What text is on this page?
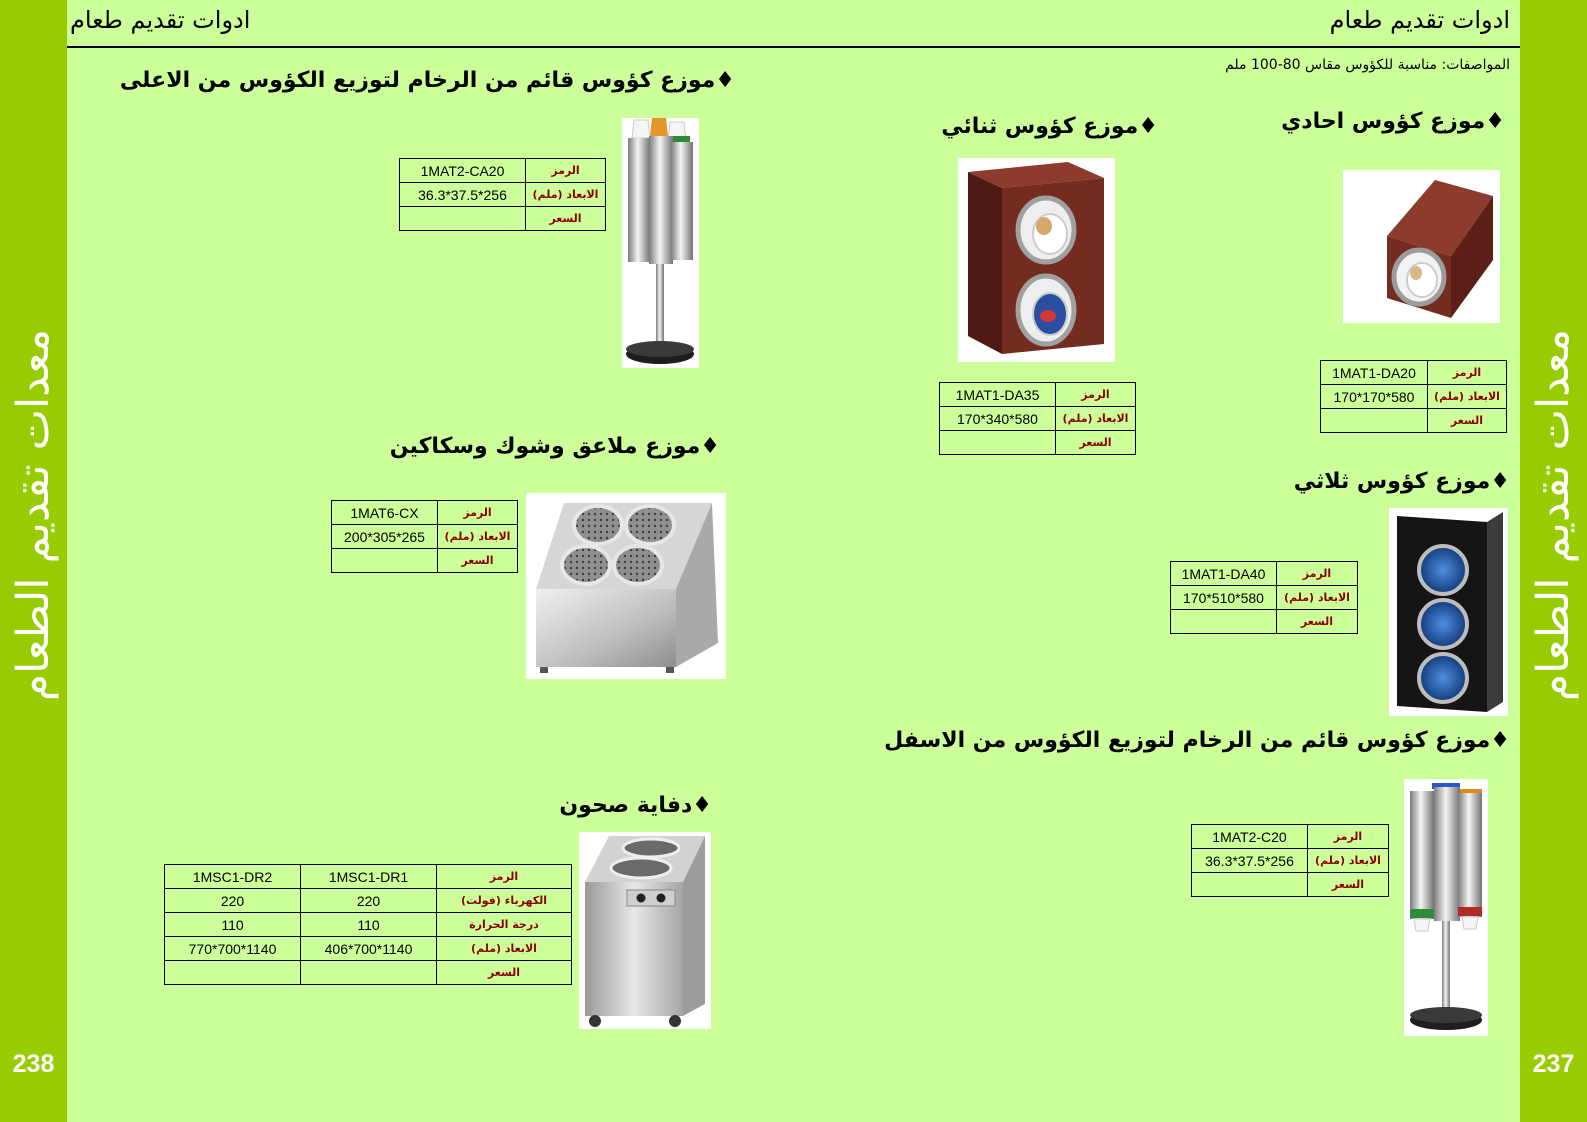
معدات تقديم الطعام
238
معدات تقديم الطعام
237
ادوات تقديم طعام	ادوات تقديم طعام
المواصفات: مناسبة للكؤوس مقاس 80-100 ملم
♦موزع كؤوس احادي
الرمز	1MAT1-DA20
الابعاد (ملم)	170*170*580
السعر	
♦موزع كؤوس ثنائي
الرمز	1MAT1-DA35
الابعاد (ملم)	170*340*580
السعر	
♦موزع كؤوس ثلاثي
الرمز	1MAT1-DA40
الابعاد (ملم)	170*510*580
السعر	
♦موزع كؤوس قائم من الرخام لتوزيع الكؤوس من الاسفل
الرمز	1MAT2-C20
الابعاد (ملم)	36.3*37.5*256
السعر	
♦موزع كؤوس قائم من الرخام لتوزيع الكؤوس من الاعلى
الرمز	1MAT2-CA20
الابعاد (ملم)	36.3*37.5*256
السعر	
♦موزع ملاعق وشوك وسكاكين
الرمز	1MAT6-CX
الابعاد (ملم)	200*305*265
السعر	
♦دفاية صحون
الرمز	1MSC1-DR1	1MSC1-DR2
الكهرباء (فولت)	220	220
درجة الحرارة	110	110
الابعاد (ملم)	406*700*1140	770*700*1140
السعر		
